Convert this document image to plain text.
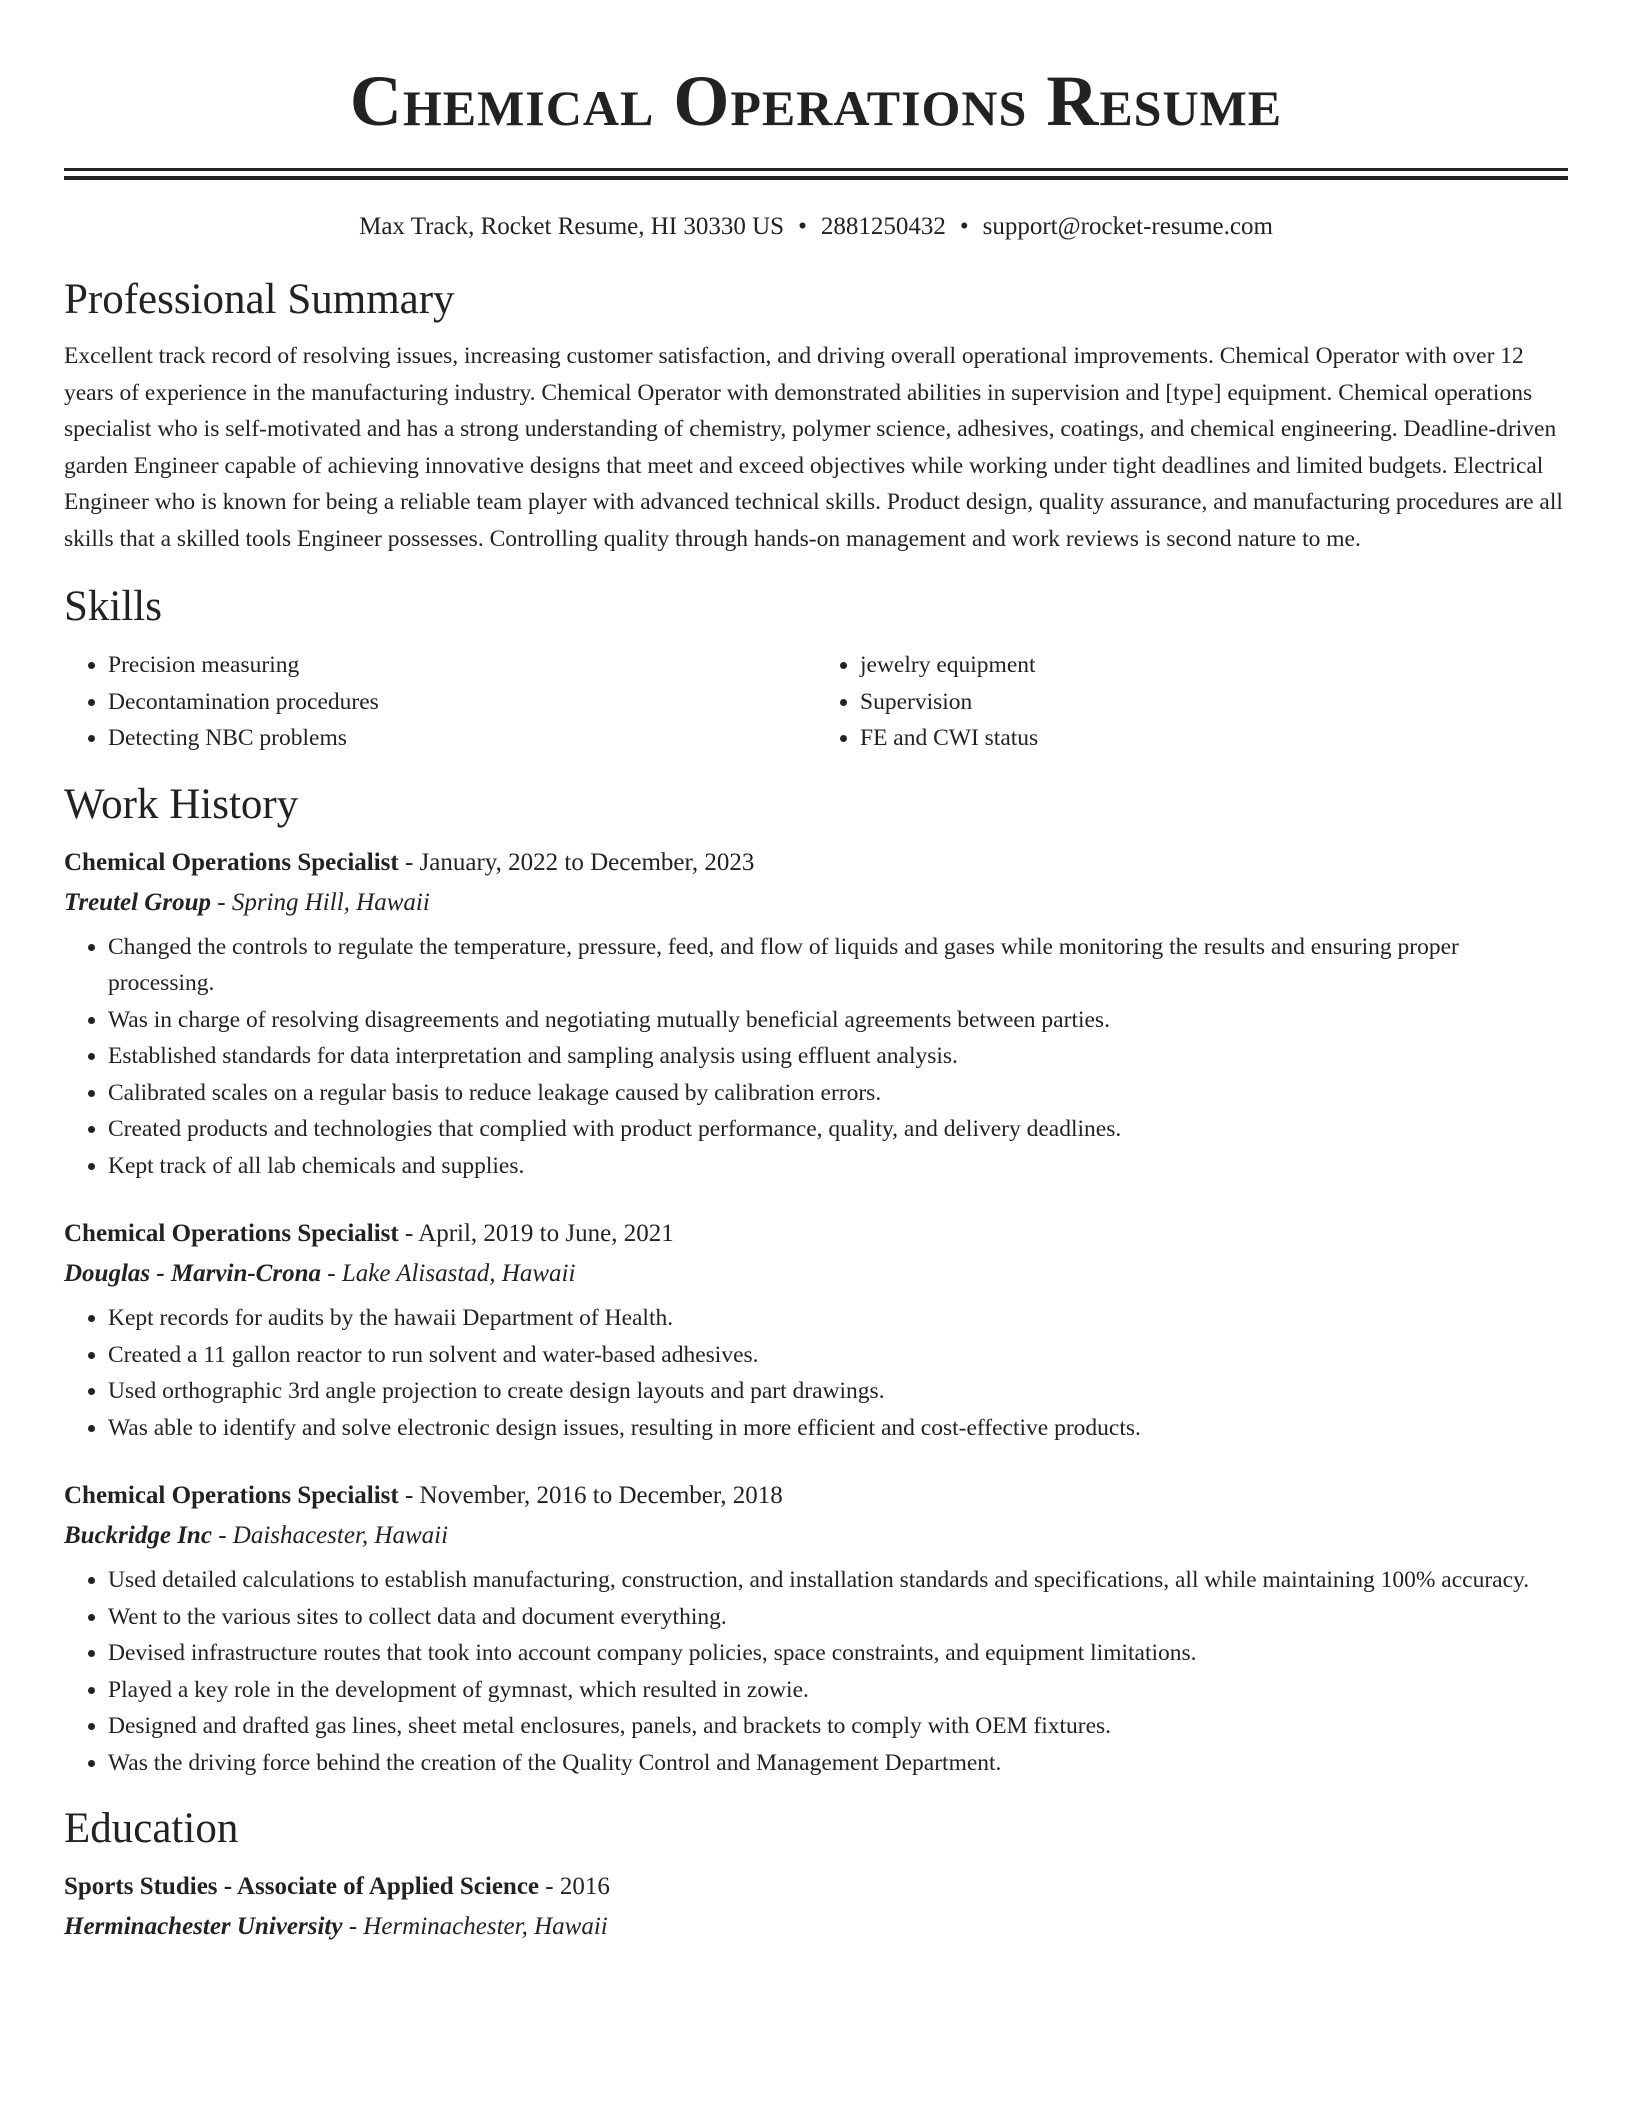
Chemical Operations Resume
Max Track, Rocket Resume, HI 30330 US • 2881250432 • support@rocket-resume.com
Professional Summary

Excellent track record of resolving issues, increasing customer satisfaction, and driving overall operational improvements. Chemical Operator with over 12 years of experience in the manufacturing industry. Chemical Operator with demonstrated abilities in supervision and [type] equipment. Chemical operations specialist who is self-motivated and has a strong understanding of chemistry, polymer science, adhesives, coatings, and chemical engineering. Deadline-driven garden Engineer capable of achieving innovative designs that meet and exceed objectives while working under tight deadlines and limited budgets. Electrical Engineer who is known for being a reliable team player with advanced technical skills. Product design, quality assurance, and manufacturing procedures are all skills that a skilled tools Engineer possesses. Controlling quality through hands-on management and work reviews is second nature to me.

Skills
• Precision measuring
• Decontamination procedures
• Detecting NBC problems
• jewelry equipment
• Supervision
• FE and CWI status
Work History
Chemical Operations Specialist - January, 2022 to December, 2023
Treutel Group - Spring Hill, Hawaii
• Changed the controls to regulate the temperature, pressure, feed, and flow of liquids and gases while monitoring the results and ensuring proper processing.
• Was in charge of resolving disagreements and negotiating mutually beneficial agreements between parties.
• Established standards for data interpretation and sampling analysis using effluent analysis.
• Calibrated scales on a regular basis to reduce leakage caused by calibration errors.
• Created products and technologies that complied with product performance, quality, and delivery deadlines.
• Kept track of all lab chemicals and supplies.
Chemical Operations Specialist - April, 2019 to June, 2021
Douglas - Marvin-Crona - Lake Alisastad, Hawaii
• Kept records for audits by the hawaii Department of Health.
• Created a 11 gallon reactor to run solvent and water-based adhesives.
• Used orthographic 3rd angle projection to create design layouts and part drawings.
• Was able to identify and solve electronic design issues, resulting in more efficient and cost-effective products.
Chemical Operations Specialist - November, 2016 to December, 2018
Buckridge Inc - Daishacester, Hawaii
• Used detailed calculations to establish manufacturing, construction, and installation standards and specifications, all while maintaining 100% accuracy.
• Went to the various sites to collect data and document everything.
• Devised infrastructure routes that took into account company policies, space constraints, and equipment limitations.
• Played a key role in the development of gymnast, which resulted in zowie.
• Designed and drafted gas lines, sheet metal enclosures, panels, and brackets to comply with OEM fixtures.
• Was the driving force behind the creation of the Quality Control and Management Department.
Education
Sports Studies - Associate of Applied Science - 2016
Herminachester University - Herminachester, Hawaii
